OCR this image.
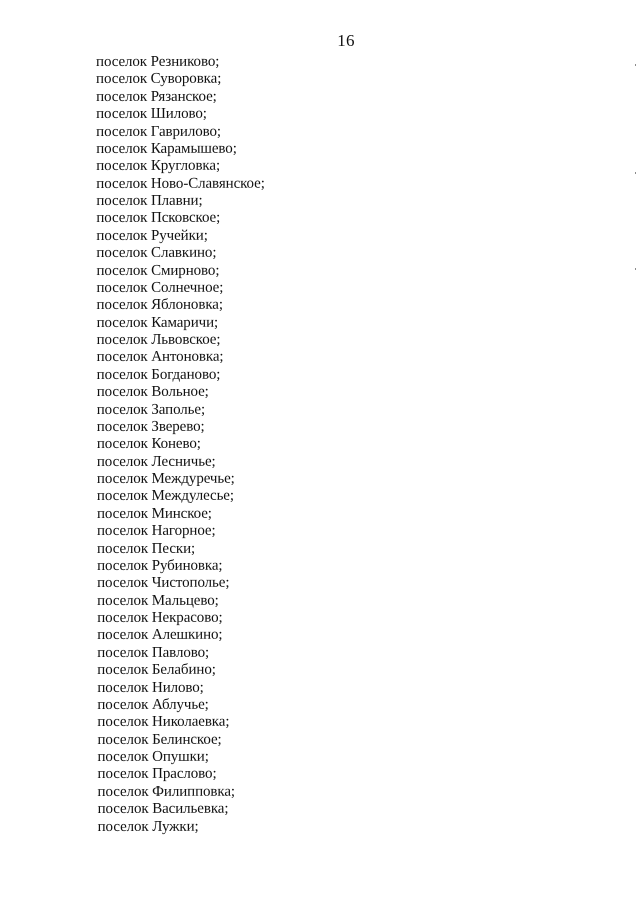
16
поселок Резниково;
поселок Суворовка;
поселок Рязанское;
поселок Шилово;
поселок Гаврилово;
поселок Карамышево;
поселок Кругловка;
поселок Ново-Славянское;
поселок Плавни;
поселок Псковское;
поселок Ручейки;
поселок Славкино;
поселок Смирново;
поселок Солнечное;
поселок Яблоновка;
поселок Камаричи;
поселок Львовское;
поселок Антоновка;
поселок Богданово;
поселок Вольное;
поселок Заполье;
поселок Зверево;
поселок Конево;
поселок Лесничье;
поселок Междуречье;
поселок Междулесье;
поселок Минское;
поселок Нагорное;
поселок Пески;
поселок Рубиновка;
поселок Чистополье;
поселок Мальцево;
поселок Некрасово;
поселок Алешкино;
поселок Павлово;
поселок Белабино;
поселок Нилово;
поселок Аблучье;
поселок Николаевка;
поселок Белинское;
поселок Опушки;
поселок Праслово;
поселок Филипповка;
поселок Васильевка;
поселок Лужки;
